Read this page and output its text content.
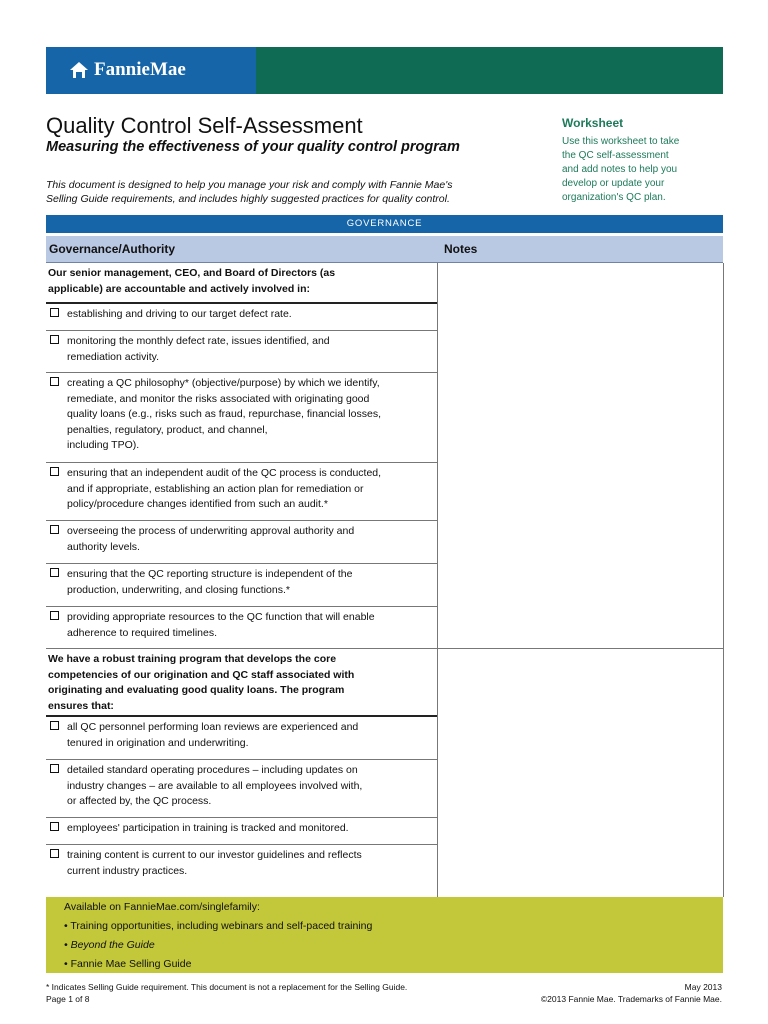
FannieMae
Quality Control Self-Assessment
Measuring the effectiveness of your quality control program
This document is designed to help you manage your risk and comply with Fannie Mae's
Selling Guide requirements, and includes highly suggested practices for quality control.
Worksheet
Use this worksheet to take
the QC self-assessment
and add notes to help you
develop or update your
organization's QC plan.
GOVERNANCE
Governance/Authority	Notes
Our senior management, CEO, and Board of Directors (as
applicable) are accountable and actively involved in:
establishing and driving to our target defect rate.
monitoring the monthly defect rate, issues identified, and
remediation activity.
creating a QC philosophy* (objective/purpose) by which we identify,
remediate, and monitor the risks associated with originating good
quality loans (e.g., risks such as fraud, repurchase, financial losses,
penalties, regulatory, product, and channel,
including TPO).
ensuring that an independent audit of the QC process is conducted,
and if appropriate, establishing an action plan for remediation or
policy/procedure changes identified from such an audit.*
overseeing the process of underwriting approval authority and
authority levels.
ensuring that the QC reporting structure is independent of the
production, underwriting, and closing functions.*
providing appropriate resources to the QC function that will enable
adherence to required timelines.
We have a robust training program that develops the core
competencies of our origination and QC staff associated with
originating and evaluating good quality loans. The program
ensures that:
all QC personnel performing loan reviews are experienced and
tenured in origination and underwriting.
detailed standard operating procedures – including updates on
industry changes – are available to all employees involved with,
or affected by, the QC process.
employees' participation in training is tracked and monitored.
training content is current to our investor guidelines and reflects
current industry practices.
Available on FannieMae.com/singlefamily:
• Training opportunities, including webinars and self-paced training
• Beyond the Guide
• Fannie Mae Selling Guide
* Indicates Selling Guide requirement. This document is not a replacement for the Selling Guide.
Page 1 of 8
May 2013
©2013 Fannie Mae. Trademarks of Fannie Mae.
